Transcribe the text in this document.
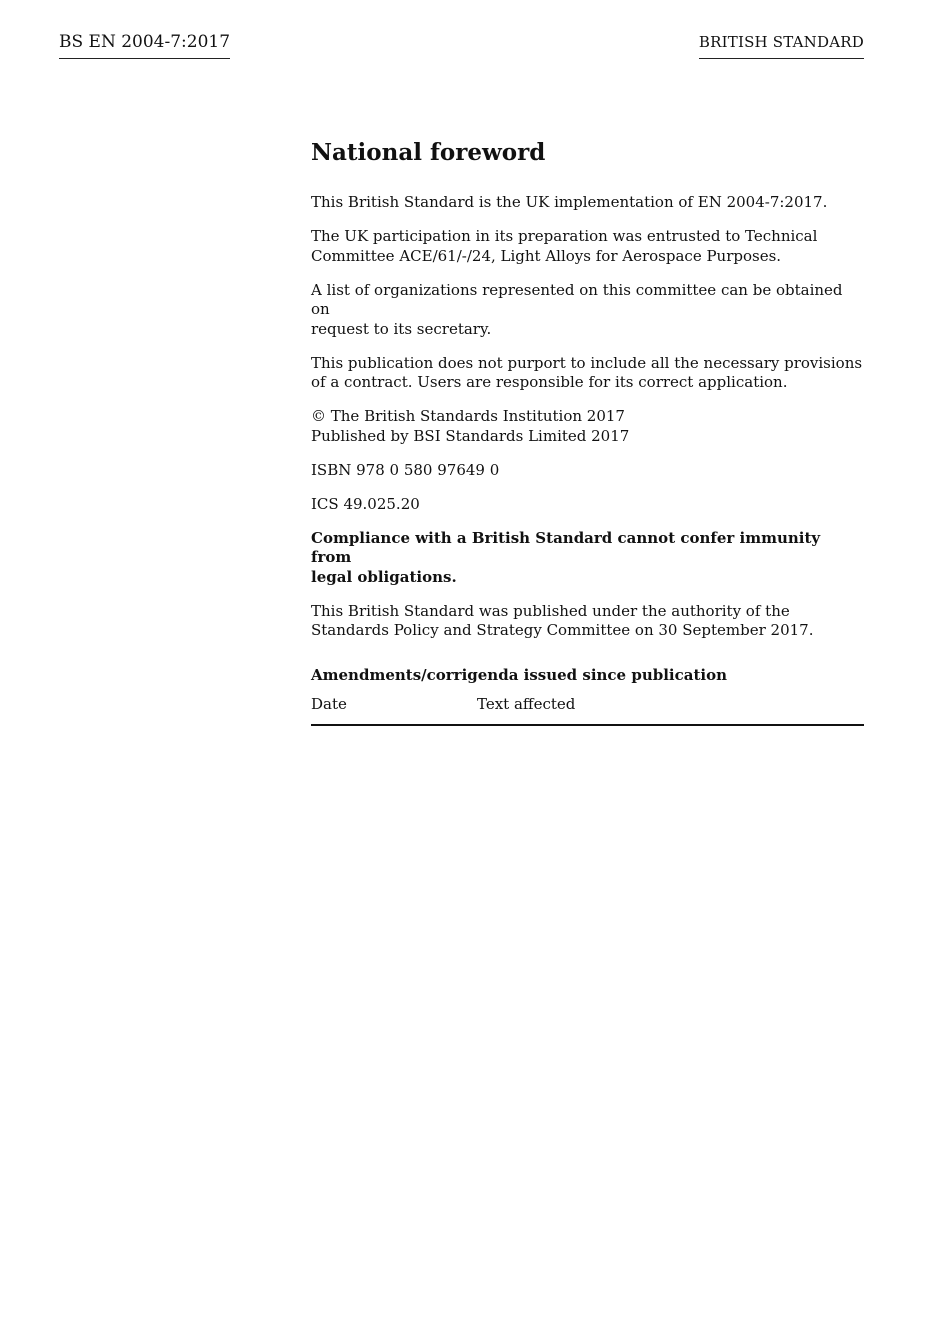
BS EN 2004-7:2017	BRITISH STANDARD
National foreword

This British Standard is the UK implementation of EN 2004-7:2017.

The UK participation in its preparation was entrusted to Technical
Committee ACE/61/-/24, Light Alloys for Aerospace Purposes.

A list of organizations represented on this committee can be obtained on
request to its secretary.

This publication does not purport to include all the necessary provisions
of a contract. Users are responsible for its correct application.

© The British Standards Institution 2017
Published by BSI Standards Limited 2017

ISBN 978 0 580 97649 0

ICS 49.025.20

Compliance with a British Standard cannot confer immunity from
legal obligations.

This British Standard was published under the authority of the
Standards Policy and Strategy Committee on 30 September 2017.

Amendments/corrigenda issued since publication
Date	Text affected
